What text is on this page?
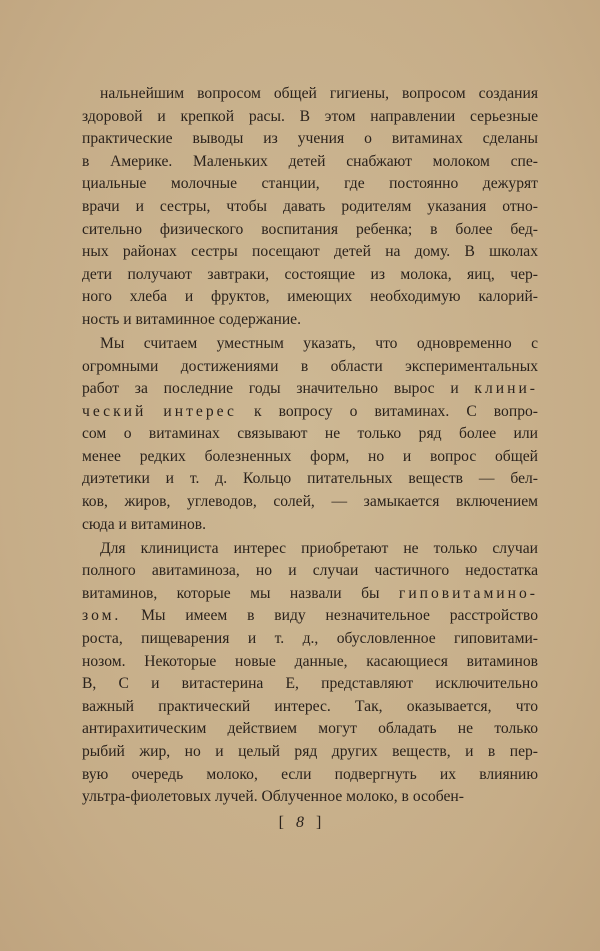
нальнейшим вопросом общей гигиены, вопросом создания
здоровой и крепкой расы. В этом направлении серьезные
практические выводы из учения о витаминах сделаны
в Америке. Маленьких детей снабжают молоком спе-
циальные молочные станции, где постоянно дежурят
врачи и сестры, чтобы давать родителям указания отно-
сительно физического воспитания ребенка; в более бед-
ных районах сестры посещают детей на дому. В школах
дети получают завтраки, состоящие из молока, яиц, чер-
ного хлеба и фруктов, имеющих необходимую калорий-
ность и витаминное содержание.
Мы считаем уместным указать, что одновременно с
огромными достижениями в области экспериментальных
работ за последние годы значительно вырос и клини-
ческий интерес к вопросу о витаминах. С вопро-
сом о витаминах связывают не только ряд более или
менее редких болезненных форм, но и вопрос общей
диэтетики и т. д. Кольцо питательных веществ — бел-
ков, жиров, углеводов, солей, — замыкается включением
сюда и витаминов.
Для клинициста интерес приобретают не только случаи
полного авитаминоза, но и случаи частичного недостатка
витаминов, которые мы назвали бы гиповитамино-
зом. Мы имеем в виду незначительное расстройство
роста, пищеварения и т. д., обусловленное гиповитами-
нозом. Некоторые новые данные, касающиеся витаминов
В, С и витастерина Е, представляют исключительно
важный практический интерес. Так, оказывается, что
антирахитическим действием могут обладать не только
рыбий жир, но и целый ряд других веществ, и в пер-
вую очередь молоко, если подвергнуть их влиянию
ультра-фиолетовых лучей. Облученное молоко, в особен-
[ 8 ]
